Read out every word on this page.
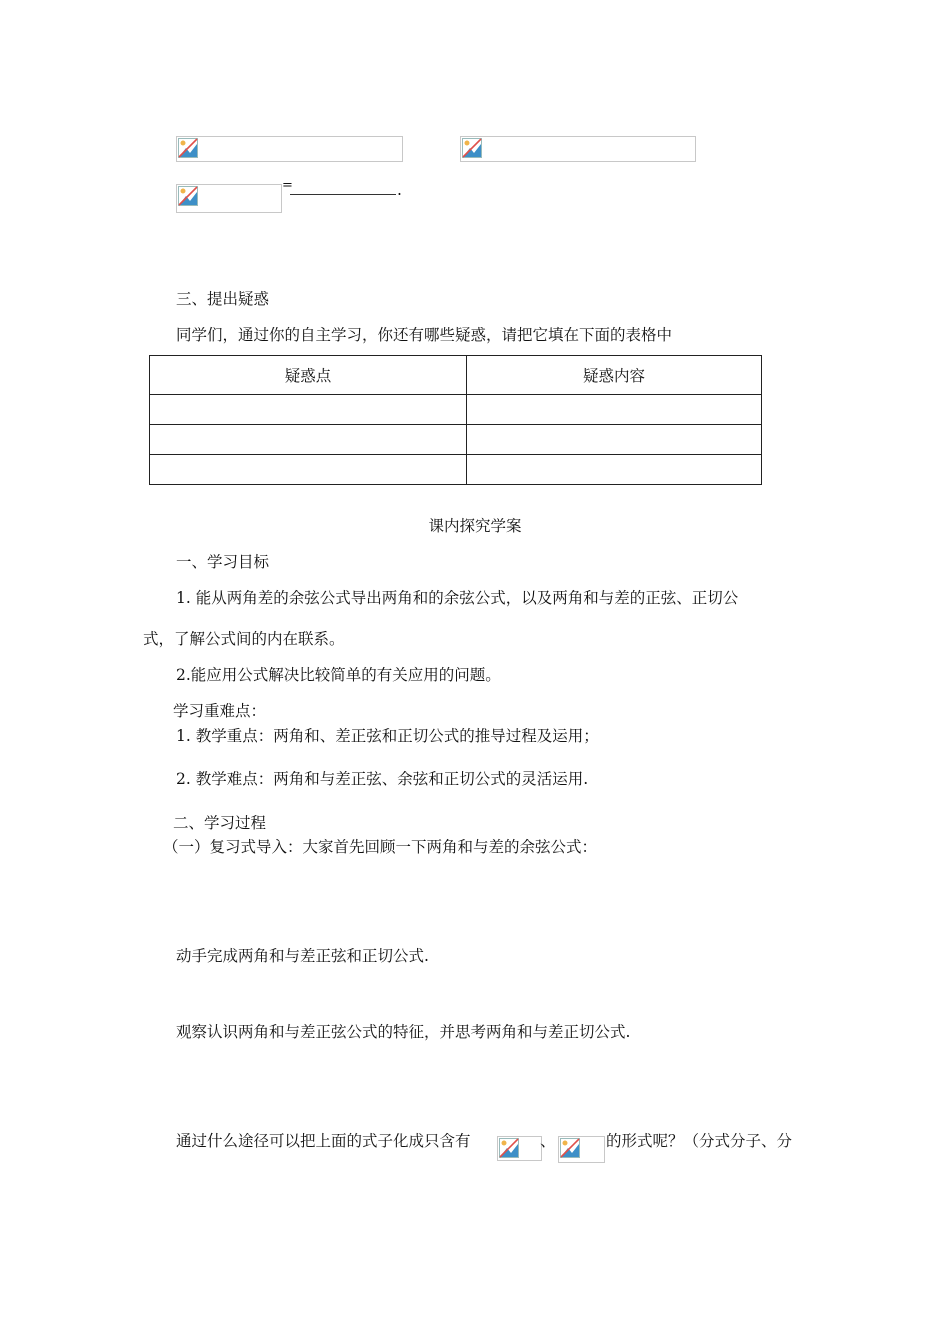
=	.
三、提出疑惑
同学们，通过你的自主学习，你还有哪些疑惑，请把它填在下面的表格中
疑惑点	疑惑内容

课内探究学案
一、学习目标
1. 能从两角差的余弦公式导出两角和的余弦公式，以及两角和与差的正弦、正切公
式，了解公式间的内在联系。
2.能应用公式解决比较简单的有关应用的问题。
学习重难点：
1. 教学重点：两角和、差正弦和正切公式的推导过程及运用；
2. 教学难点：两角和与差正弦、余弦和正切公式的灵活运用.
二、学习过程
（一）复习式导入：大家首先回顾一下两角和与差的余弦公式：
动手完成两角和与差正弦和正切公式.
观察认识两角和与差正弦公式的特征，并思考两角和与差正切公式.
通过什么途径可以把上面的式子化成只含有	、	的形式呢？（分式分子、分
